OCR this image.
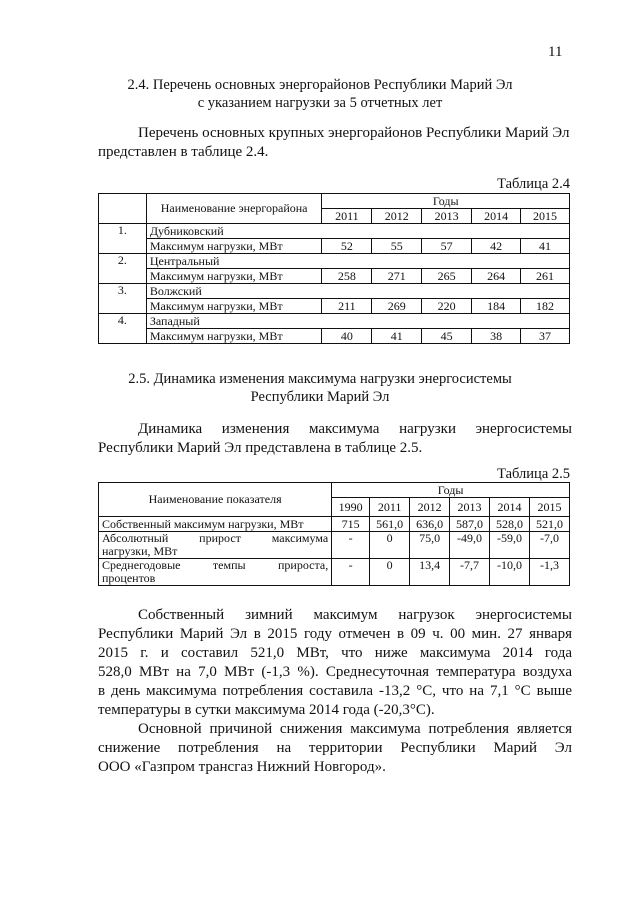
11
2.4. Перечень основных энергорайонов Республики Марий Эл
с указанием нагрузки за 5 отчетных лет
Перечень основных крупных энергорайонов Республики Марий Эл
представлен в таблице 2.4.
Таблица 2.4
	Наименование энергорайона	Годы				
		2011	2012	2013	2014	2015
1.	Дубниковский					
	Максимум нагрузки, МВт	52	55	57	42	41
2.	Центральный					
	Максимум нагрузки, МВт	258	271	265	264	261
3.	Волжский					
	Максимум нагрузки, МВт	211	269	220	184	182
4.	Западный					
	Максимум нагрузки, МВт	40	41	45	38	37
2.5. Динамика изменения максимума нагрузки энергосистемы
Республики Марий Эл
Динамика изменения максимума нагрузки энергосистемы
Республики Марий Эл представлена в таблице 2.5.
Таблица 2.5
Наименование показателя	Годы					
	1990	2011	2012	2013	2014	2015
Собственный максимум нагрузки, МВт	715	561,0	636,0	587,0	528,0	521,0

Абсолютный прирост максимума
нагрузки, МВт	-	0	75,0	-49,0	-59,0	-7,0

Среднегодовые темпы прироста,
процентов	-	0	13,4	-7,7	-10,0	-1,3
Собственный зимний максимум нагрузок энергосистемы
Республики Марий Эл в 2015 году отмечен в 09 ч. 00 мин. 27 января
2015 г. и составил 521,0 МВт, что ниже максимума 2014 года
528,0 МВт на 7,0 МВт (-1,3 %). Среднесуточная температура воздуха
в день максимума потребления составила -13,2 °С, что на 7,1 °С выше
температуры в сутки максимума 2014 года (-20,3°С).
Основной причиной снижения максимума потребления является
снижение потребления на территории Республики Марий Эл
ООО «Газпром трансгаз Нижний Новгород».
